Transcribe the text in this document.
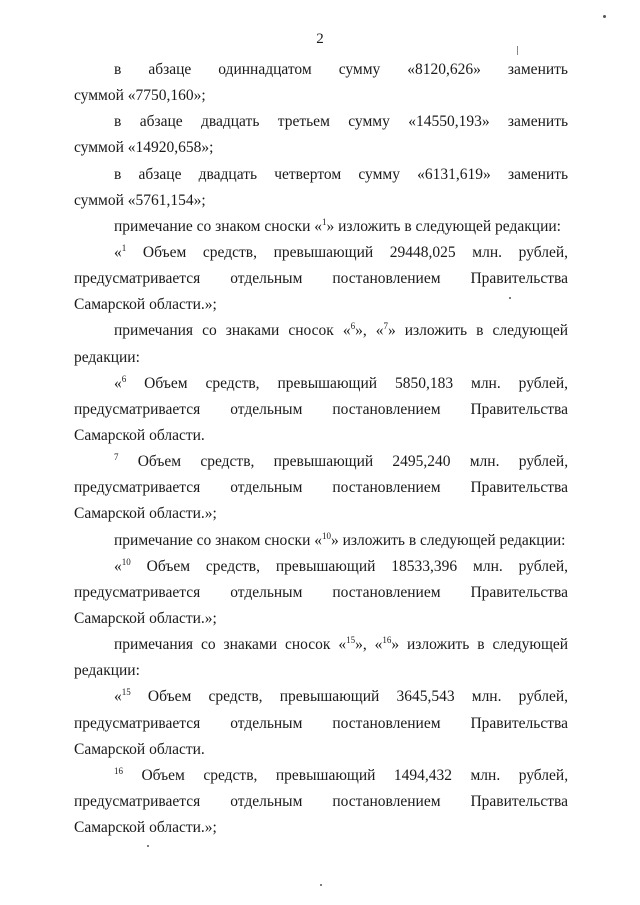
2
в абзаце одиннадцатом сумму «8120,626» заменить
суммой «7750,160»;
в абзаце двадцать третьем сумму «14550,193» заменить
суммой «14920,658»;
в абзаце двадцать четвертом сумму «6131,619» заменить
суммой «5761,154»;
примечание со знаком сноски «$^1$» изложить в следующей редакции:
«$^1$ Объем средств, превышающий 29448,025 млн. рублей,
предусматривается отдельным постановлением Правительства
Самарской области.»;
примечания со знаками сносок «$^6$», «$^7$» изложить в следующей
редакции:
«$^6$ Объем средств, превышающий 5850,183 млн. рублей,
предусматривается отдельным постановлением Правительства
Самарской области.
$^7$ Объем средств, превышающий 2495,240 млн. рублей,
предусматривается отдельным постановлением Правительства
Самарской области.»;
примечание со знаком сноски «$^{10}$» изложить в следующей редакции:
«$^{10}$ Объем средств, превышающий 18533,396 млн. рублей,
предусматривается отдельным постановлением Правительства
Самарской области.»;
примечания со знаками сносок «$^{15}$», «$^{16}$» изложить в следующей
редакции:
«$^{15}$ Объем средств, превышающий 3645,543 млн. рублей,
предусматривается отдельным постановлением Правительства
Самарской области.
$^{16}$ Объем средств, превышающий 1494,432 млн. рублей,
предусматривается отдельным постановлением Правительства
Самарской области.»;
